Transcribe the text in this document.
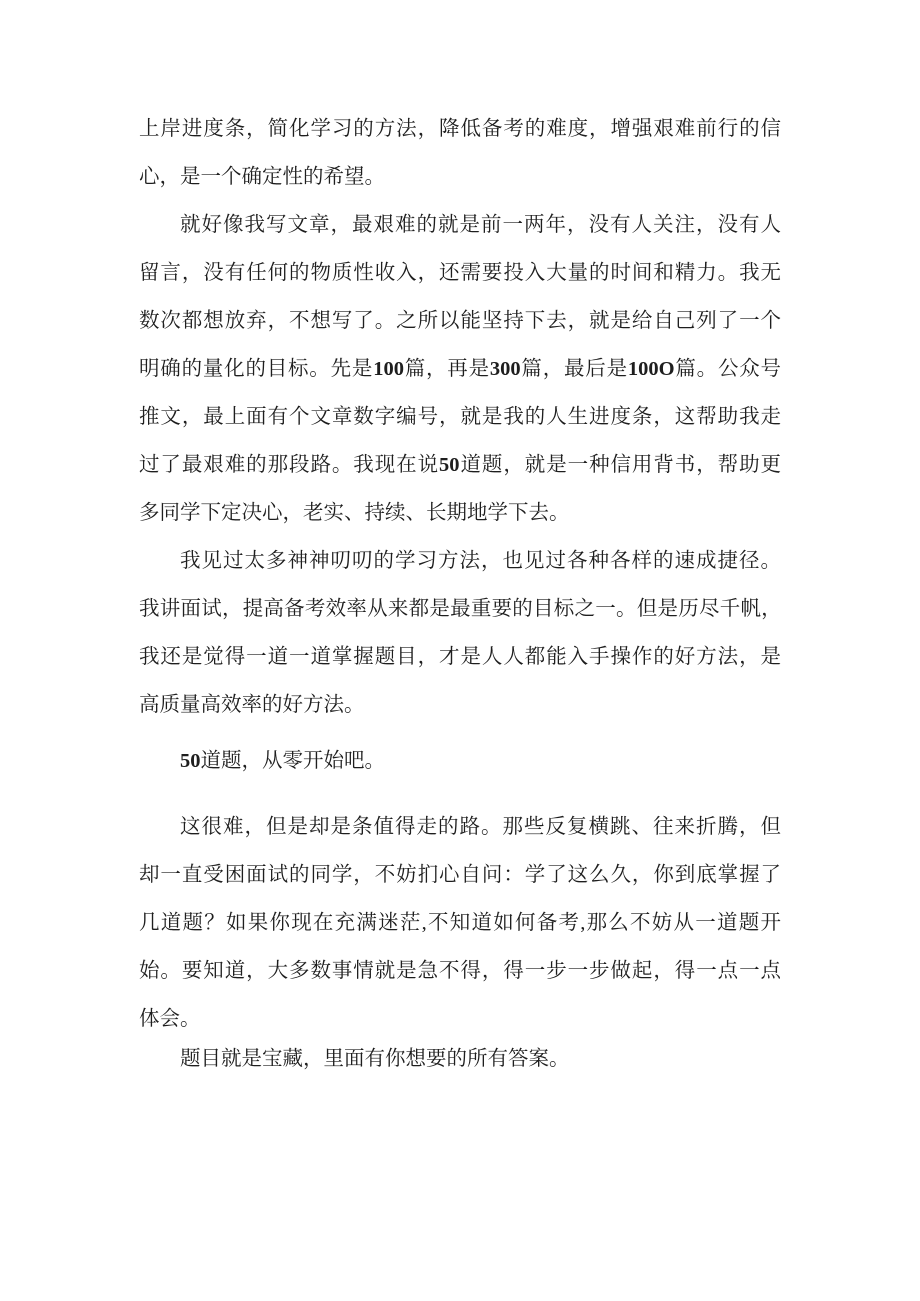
上岸进度条，简化学习的方法，降低备考的难度，增强艰难前行的信
心，是一个确定性的希望。
就好像我写文章，最艰难的就是前一两年，没有人关注，没有人
留言，没有任何的物质性收入，还需要投入大量的时间和精力。我无
数次都想放弃，不想写了。之所以能坚持下去，就是给自己列了一个
明确的量化的目标。先是100篇，再是300篇，最后是100O篇。公众号
推文，最上面有个文章数字编号，就是我的人生进度条，这帮助我走
过了最艰难的那段路。我现在说50道题，就是一种信用背书，帮助更
多同学下定决心，老实、持续、长期地学下去。
我见过太多神神叨叨的学习方法，也见过各种各样的速成捷径。
我讲面试，提高备考效率从来都是最重要的目标之一。但是历尽千帆，
我还是觉得一道一道掌握题目，才是人人都能入手操作的好方法，是
高质量高效率的好方法。
50道题，从零开始吧。
这很难，但是却是条值得走的路。那些反复横跳、往来折腾，但
却一直受困面试的同学，不妨扪心自问：学了这么久，你到底掌握了
几道题？如果你现在充满迷茫,不知道如何备考,那么不妨从一道题开
始。要知道，大多数事情就是急不得，得一步一步做起，得一点一点
体会。
题目就是宝藏，里面有你想要的所有答案。
